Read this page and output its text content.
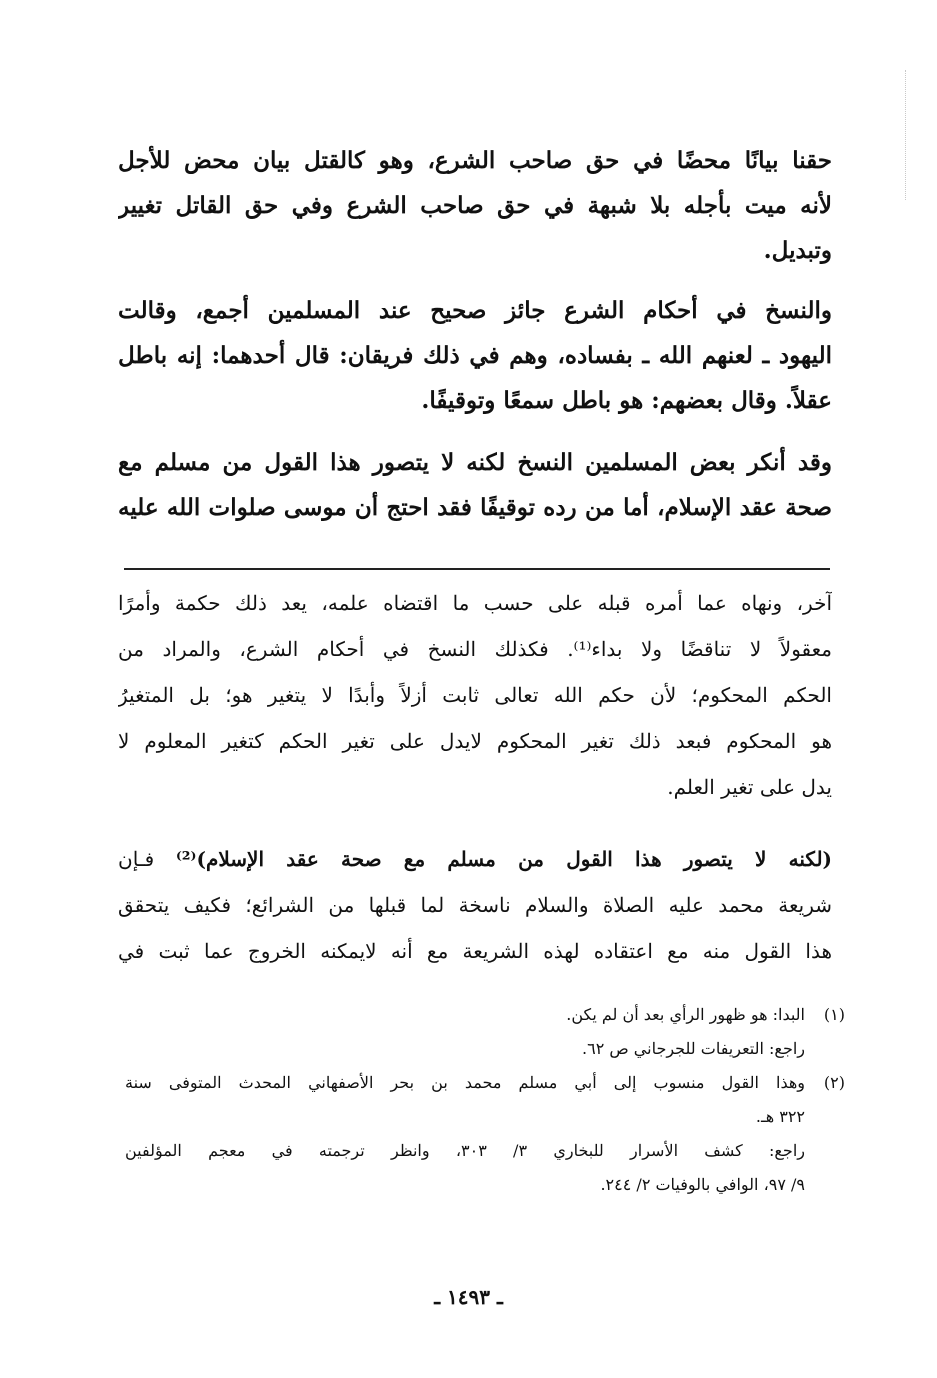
حقنا بيانًا محضًا في حق صاحب الشرع، وهو كالقتل بيان محض للأجل
لأنه ميت بأجله بلا شبهة في حق صاحب الشرع وفي حق القاتل تغيير
وتبديل.
والنسخ في أحكام الشرع جائز صحيح عند المسلمين أجمع، وقالت
اليهود ـ لعنهم الله ـ بفساده، وهم في ذلك فريقان: قال أحدهما: إنه باطل
عقلاً. وقال بعضهم: هو باطل سمعًا وتوقيفًا.
وقد أنكر بعض المسلمين النسخ لكنه لا يتصور هذا القول من مسلم مع
صحة عقد الإسلام، أما من رده توقيفًا فقد احتج أن موسى صلوات الله عليه
آخر، ونهاه عما أمره قبله على حسب ما اقتضاه علمه، يعد ذلك حكمة وأمرًا
معقولاً لا تناقضًا ولا بداء⁽¹⁾. فكذلك النسخ في أحكام الشرع، والمراد من
الحكم المحكوم؛ لأن حكم الله تعالى ثابت أزلاً وأبدًا لا يتغير هو؛ بل المتغيرُ
هو المحكوم فبعد ذلك تغير المحكوم لايدل على تغير الحكم كتغير المعلوم لا
يدل على تغير العلم.
(لكنه لا يتصور هذا القول من مسلم مع صحة عقد الإسلام)⁽²⁾ فـإن
شريعة محمد عليه الصلاة والسلام ناسخة لما قبلها من الشرائع؛ فكيف يتحقق
هذا القول منه مع اعتقاده لهذه الشريعة مع أنه لايمكنه الخروج عما ثبت في
(١)
البدا: هو ظهور الرأي بعد أن لم يكن.
راجع: التعريفات للجرجاني ص ٦٢.
(٢)
وهذا القول منسوب إلى أبي مسلم محمد بن بحر الأصفهاني المحدث المتوفى سنة
٣٢٢ هـ.
راجع: كشف الأسرار للبخاري ٣/ ٣٠٣، وانظر ترجمته في معجم المؤلفين
٩/ ٩٧، الوافي بالوفيات ٢/ ٢٤٤.
ـ ١٤٩٣ ـ
